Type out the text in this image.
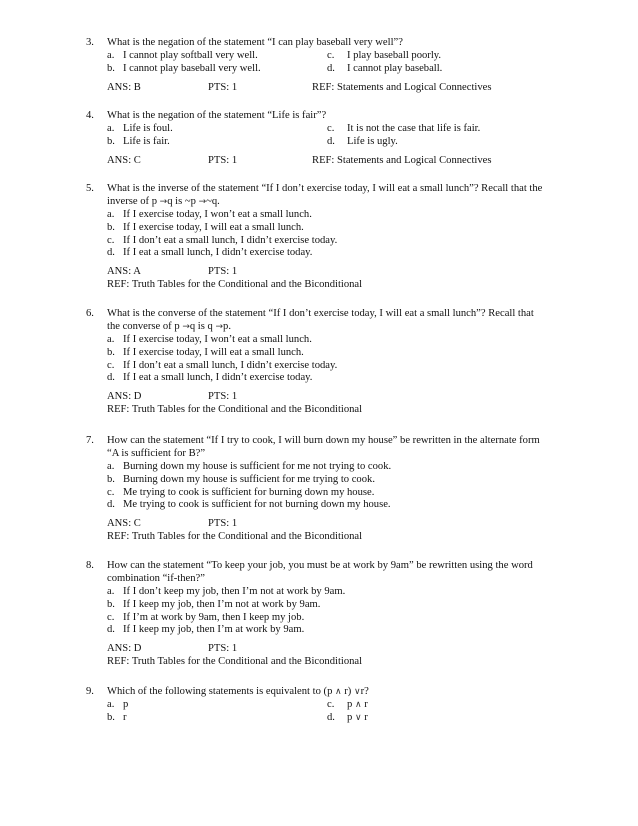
3. What is the negation of the statement “I can play baseball very well”?
a. I cannot play softball very well.	c. I play baseball poorly.
b. I cannot play baseball very well.	d. I cannot play baseball.
ANS: B	PTS: 1	REF: Statements and Logical Connectives
4. What is the negation of the statement “Life is fair”?
a. Life is foul.	c. It is not the case that life is fair.
b. Life is fair.	d. Life is ugly.
ANS: C	PTS: 1	REF: Statements and Logical Connectives
5. What is the inverse of the statement “If I don’t exercise today, I will eat a small lunch”? Recall that the
inverse of p →q is ~p →~q.
a. If I exercise today, I won’t eat a small lunch.
b. If I exercise today, I will eat a small lunch.
c. If I don’t eat a small lunch, I didn’t exercise today.
d. If I eat a small lunch, I didn’t exercise today.
ANS: A	PTS: 1
REF: Truth Tables for the Conditional and the Biconditional
6. What is the converse of the statement “If I don’t exercise today, I will eat a small lunch”? Recall that
the converse of p →q is q →p.
a. If I exercise today, I won’t eat a small lunch.
b. If I exercise today, I will eat a small lunch.
c. If I don’t eat a small lunch, I didn’t exercise today.
d. If I eat a small lunch, I didn’t exercise today.
ANS: D	PTS: 1
REF: Truth Tables for the Conditional and the Biconditional
7. How can the statement “If I try to cook, I will burn down my house” be rewritten in the alternate form
“A is sufficient for B?”
a. Burning down my house is sufficient for me not trying to cook.
b. Burning down my house is sufficient for me trying to cook.
c. Me trying to cook is sufficient for burning down my house.
d. Me trying to cook is sufficient for not burning down my house.
ANS: C	PTS: 1
REF: Truth Tables for the Conditional and the Biconditional
8. How can the statement “To keep your job, you must be at work by 9am” be rewritten using the word
combination “if-then?”
a. If I don’t keep my job, then I’m not at work by 9am.
b. If I keep my job, then I’m not at work by 9am.
c. If I’m at work by 9am, then I keep my job.
d. If I keep my job, then I’m at work by 9am.
ANS: D	PTS: 1
REF: Truth Tables for the Conditional and the Biconditional
9. Which of the following statements is equivalent to (p ∧ r) ∨r?
a. p	c. p ∧ r
b. r	d. p ∨ r
